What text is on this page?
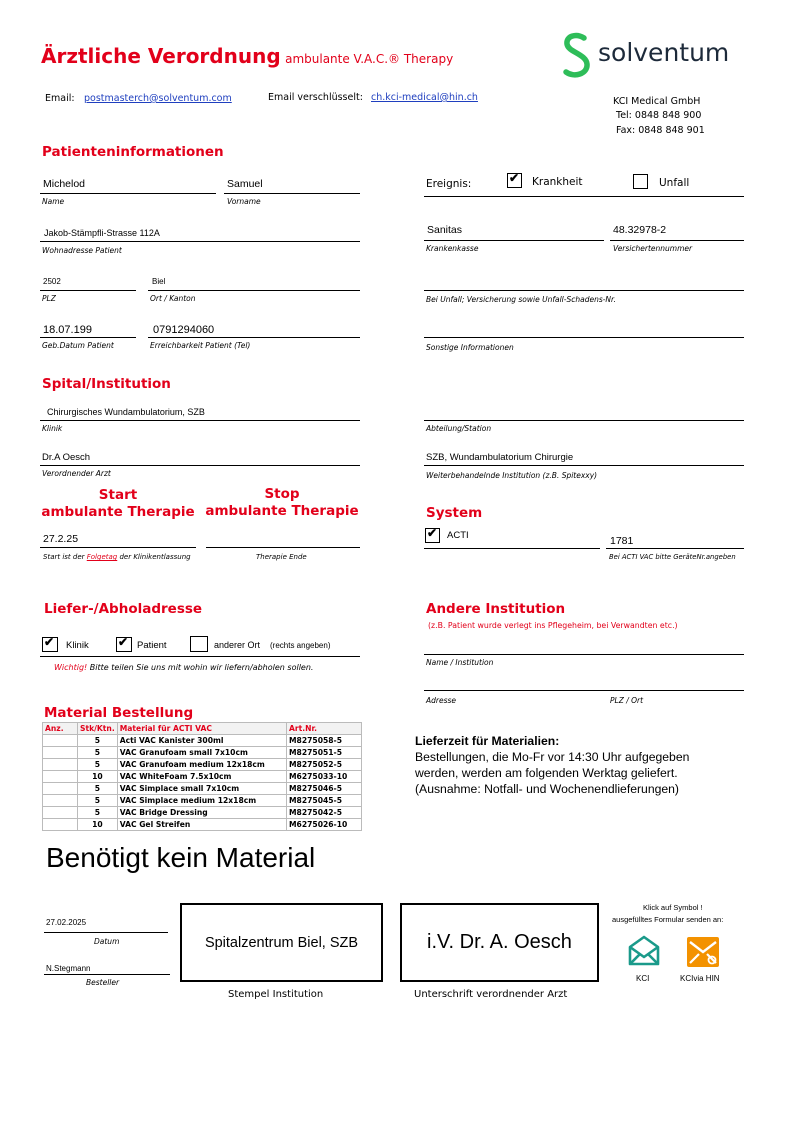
Ärztliche Verordnung ambulante V.A.C.® Therapy	solventum
Email: postmasterch@solventum.com	Email verschlüsselt: ch.kci-medical@hin.ch	KCI Medical GmbH
Tel: 0848 848 900
Fax: 0848 848 901
Patienteninformationen
Michelod
Name
Samuel
Vorname
Jakob-Stämpfli-Strasse 112A
Wohnadresse Patient
2502
PLZ
Biel
Ort / Kanton
18.07.199
Geb.Datum Patient
0791294060
Erreichbarkeit Patient (Tel)
Ereignis:	✔ Krankheit	Unfall
Sanitas
Krankenkasse
48.32978-2
Versichertennummer
Bei Unfall; Versicherung sowie Unfall-Schadens-Nr.
Sonstige Informationen
Spital/Institution
Chirurgisches Wundambulatorium, SZB
Klinik	Abteilung/Station
Dr.A Oesch
Verordnender Arzt
SZB, Wundambulatorium Chirurgie
Weiterbehandelnde Institution (z.B. Spitexxy)
Start
ambulante Therapie
Stop
ambulante Therapie
27.2.25
Start ist der Folgetag der Klinikentlassung	Therapie Ende
System
✔ ACTI	1781
Bei ACTI VAC bitte GeräteNr.angeben
Liefer-/Abholadresse
✔ Klinik ✔ Patient	anderer Ort (rechts angeben)
Wichtig! Bitte teilen Sie uns mit wohin wir liefern/abholen sollen.
Andere Institution
(z.B. Patient wurde verlegt ins Pflegeheim, bei Verwandten etc.)
Name / Institution
Adresse	PLZ / Ort
Material Bestellung
Anz.	Stk/Ktn.	Material für ACTI VAC	Art.Nr.
	5	Acti VAC Kanister 300ml	M8275058-5
	5	VAC Granufoam small 7x10cm	M8275051-5
	5	VAC Granufoam medium 12x18cm	M8275052-5
	10	VAC WhiteFoam 7.5x10cm	M6275033-10
	5	VAC Simplace small 7x10cm	M8275046-5
	5	VAC Simplace medium 12x18cm	M8275045-5
	5	VAC Bridge Dressing	M8275042-5
	10	VAC Gel Streifen	M6275026-10
Benötigt kein Material
Lieferzeit für Materialien:
Bestellungen, die Mo-Fr vor 14:30 Uhr aufgegeben
werden, werden am folgenden Werktag geliefert.
(Ausnahme: Notfall- und Wochenendlieferungen)
27.02.2025
Datum
N.Stegmann
Besteller
Spitalzentrum Biel, SZB
Stempel Institution
i.V. Dr. A. Oesch
Unterschrift verordnender Arzt
Klick auf Symbol !
ausgefülltes Formular senden an:
KCI	KCIvia HIN
